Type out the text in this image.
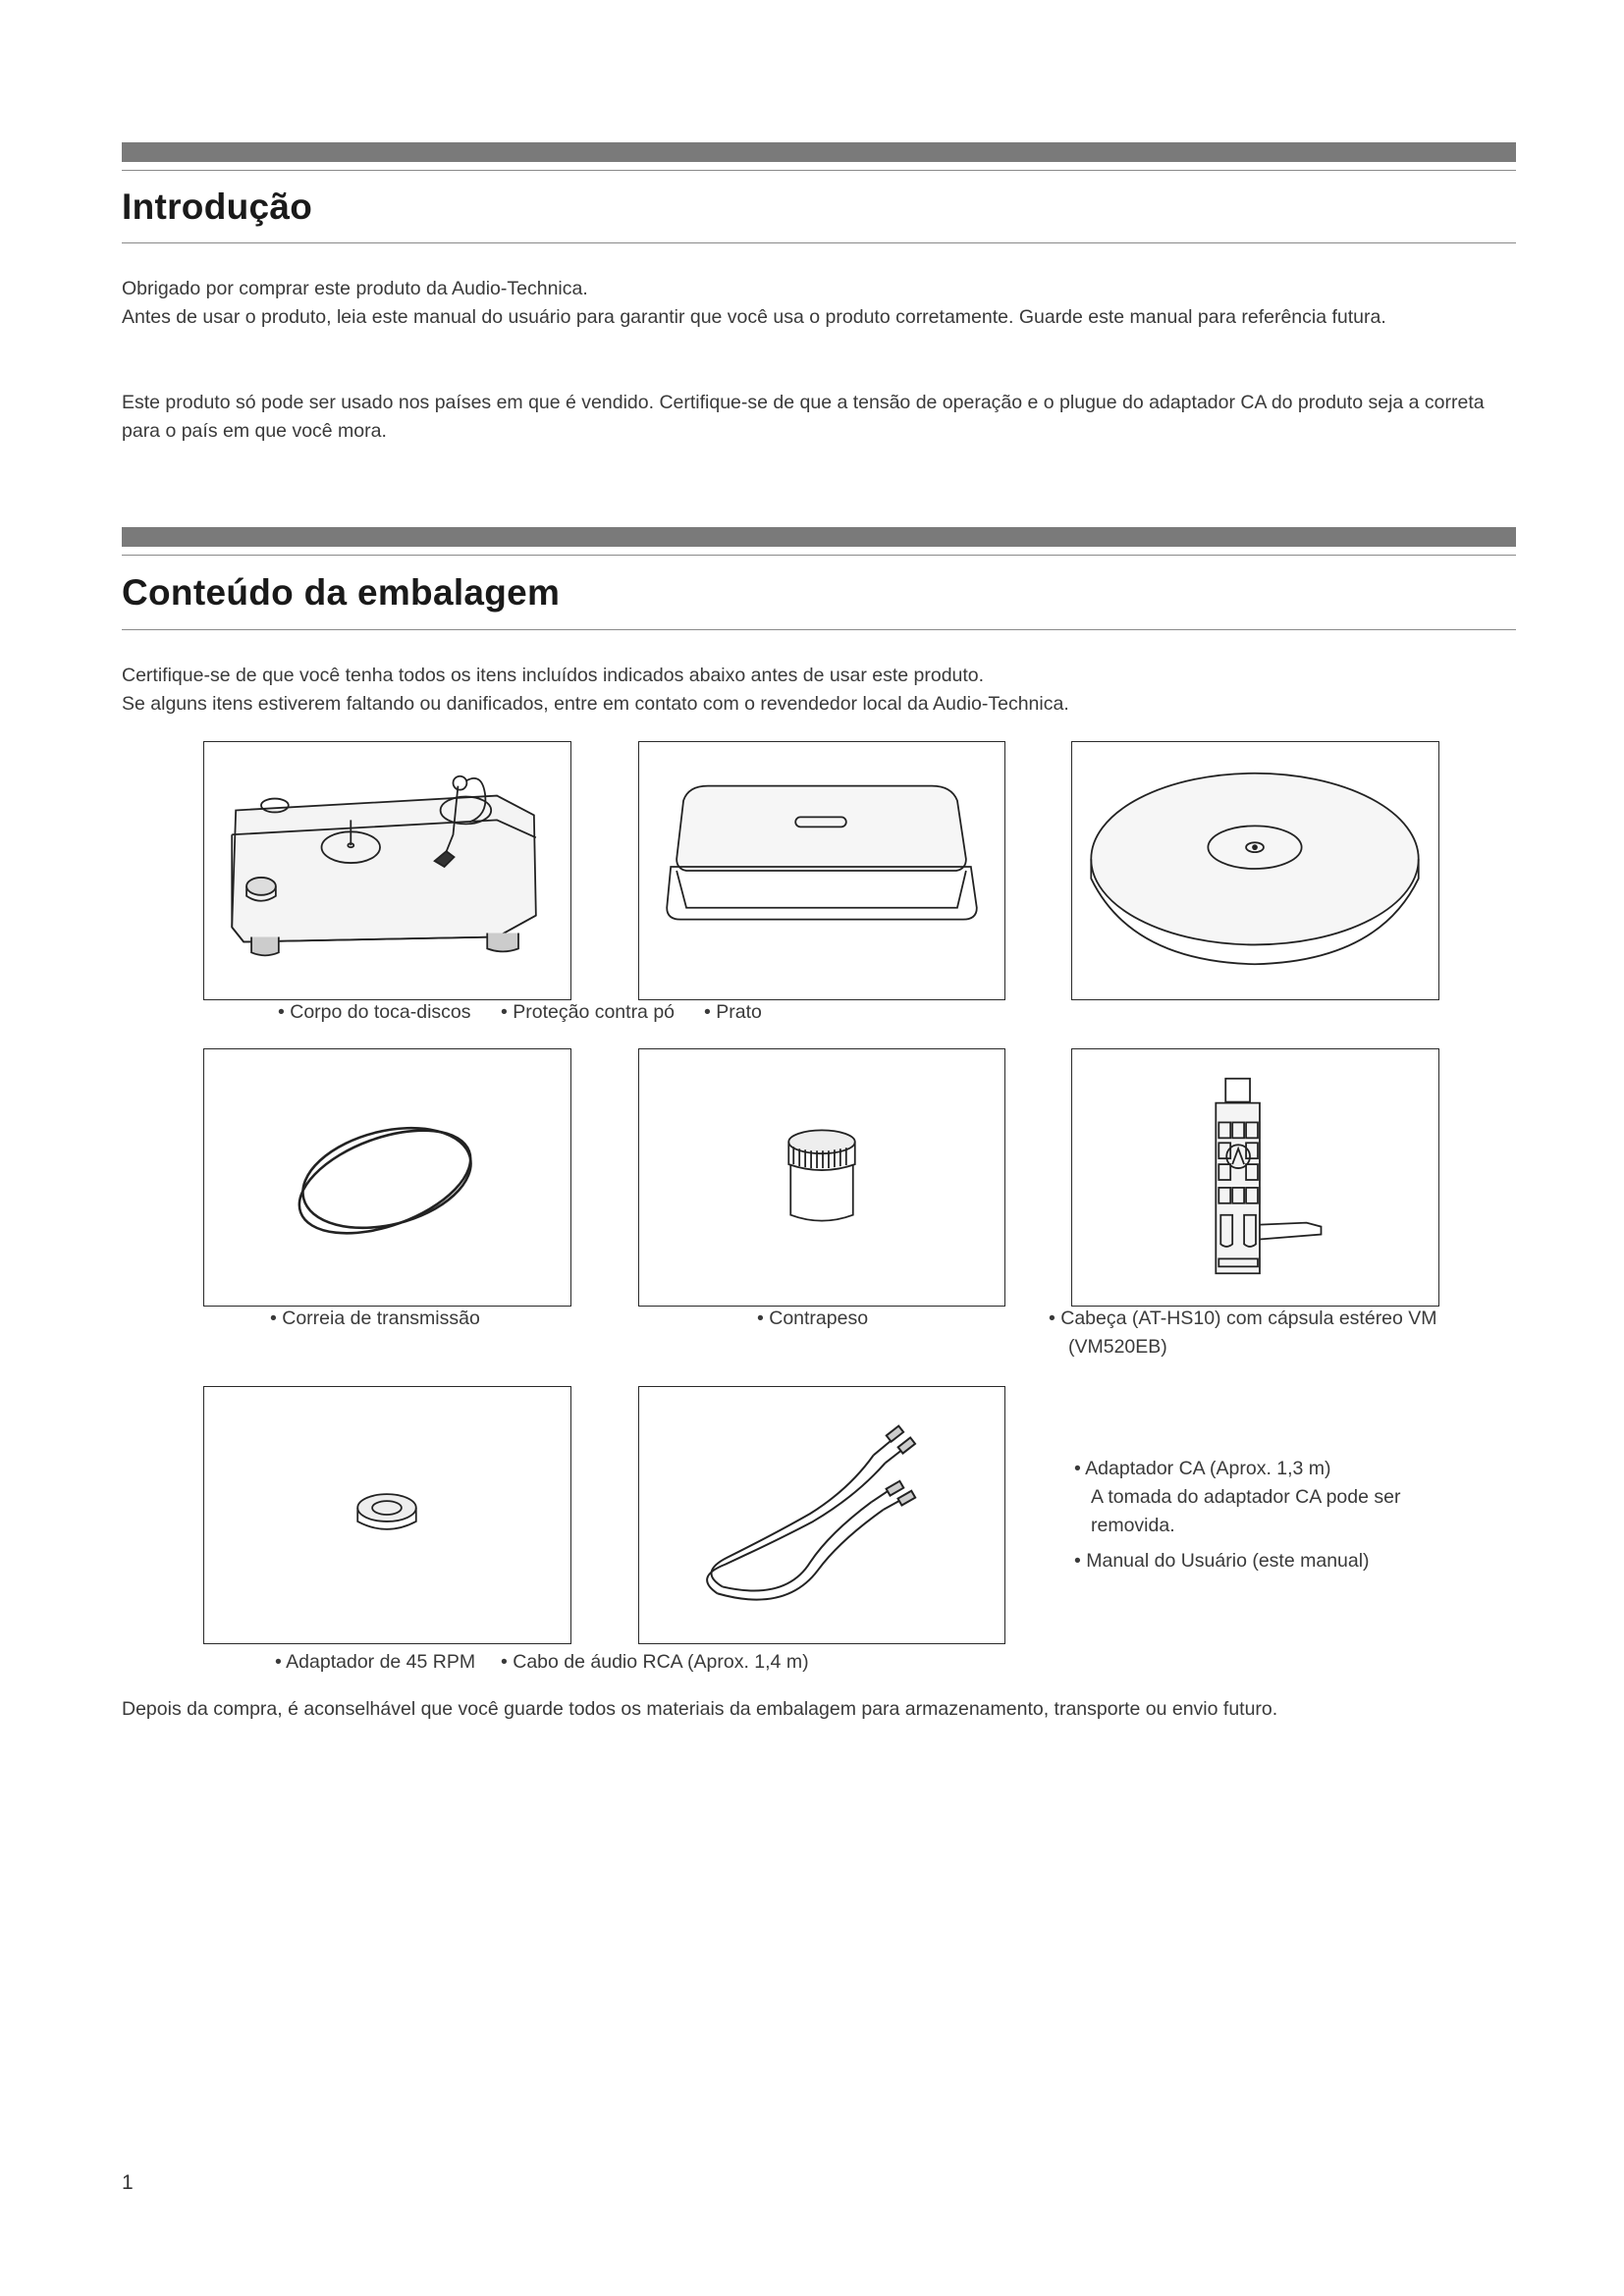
Introdução

Obrigado por comprar este produto da Audio-Technica.
Antes de usar o produto, leia este manual do usuário para garantir que você usa o produto corretamente. Guarde este manual para referência futura.

Este produto só pode ser usado nos países em que é vendido. Certifique-se de que a tensão de operação e o plugue do adaptador CA do produto seja a correta para o país em que você mora.

Conteúdo da embalagem

Certifique-se de que você tenha todos os itens incluídos indicados abaixo antes de usar este produto.
Se alguns itens estiverem faltando ou danificados, entre em contato com o revendedor local da Audio-Technica.

• Corpo do toca-discos • Proteção contra pó • Prato
• Correia de transmissão	• Contrapeso	• Cabeça (AT-HS10) com cápsula estéreo VM (VM520EB)
• Adaptador CA (Aprox. 1,3 m)
A tomada do adaptador CA pode ser removida.
• Manual do Usuário (este manual)
• Adaptador de 45 RPM • Cabo de áudio RCA (Aprox. 1,4 m)

Depois da compra, é aconselhável que você guarde todos os materiais da embalagem para armazenamento, transporte ou envio futuro.

1
